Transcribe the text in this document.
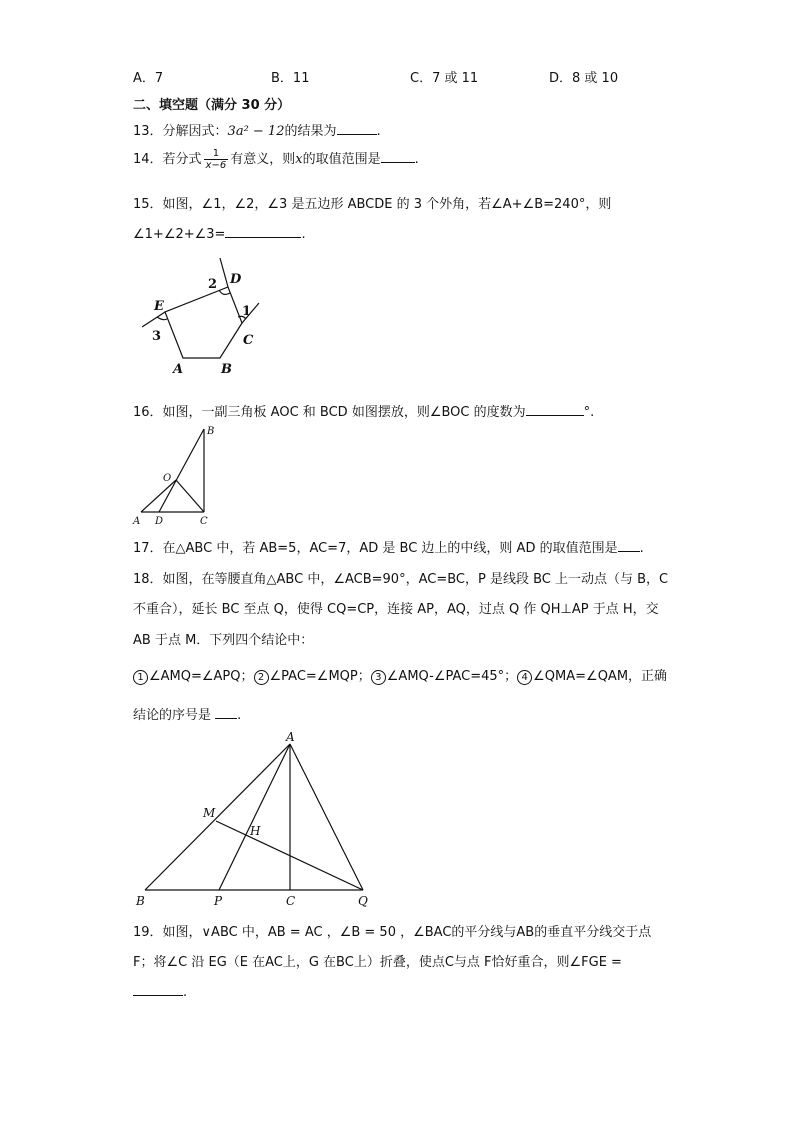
A．7	B．11	C．7 或 11	D．8 或 10
二、填空题（满分 30 分）
13．分解因式：3a² − 12的结果为	.
14．若分式 $\frac{1}{x-6}$ 有意义，则x的取值范围是	.
15．如图，∠1，∠2，∠3 是五边形 ABCDE 的 3 个外角，若∠A+∠B=240°，则
∠1+∠2+∠3=	.
A	B
C
D
E	1
2
3
16．如图，一副三角板 AOC 和 BCD 如图摆放，则∠BOC 的度数为	°.
B
O
A D	C
17．在△ABC 中，若 AB=5，AC=7，AD 是 BC 边上的中线，则 AD 的取值范围是 .
18．如图，在等腰直角△ABC 中，∠ACB=90°，AC=BC，P 是线段 BC 上一动点（与 B，C
不重合），延长 BC 至点 Q，使得 CQ=CP，连接 AP，AQ，过点 Q 作 QH⊥AP 于点 H，交
AB 于点 M．下列四个结论中：
1 ∠AMQ=∠APQ； 2 ∠PAC=∠MQP； 3 ∠AMQ-∠PAC=45°； 4 ∠QMA=∠QAM，正确
结论的序号是 .
A
M
H
B	P	C	Q
19．如图，∨ABC 中，AB = AC ，∠B = 50 ，∠BAC的平分线与AB的垂直平分线交于点
F；将∠C 沿 EG（E 在AC上，G 在BC上）折叠，使点C与点 F恰好重合，则∠FGE =
.
